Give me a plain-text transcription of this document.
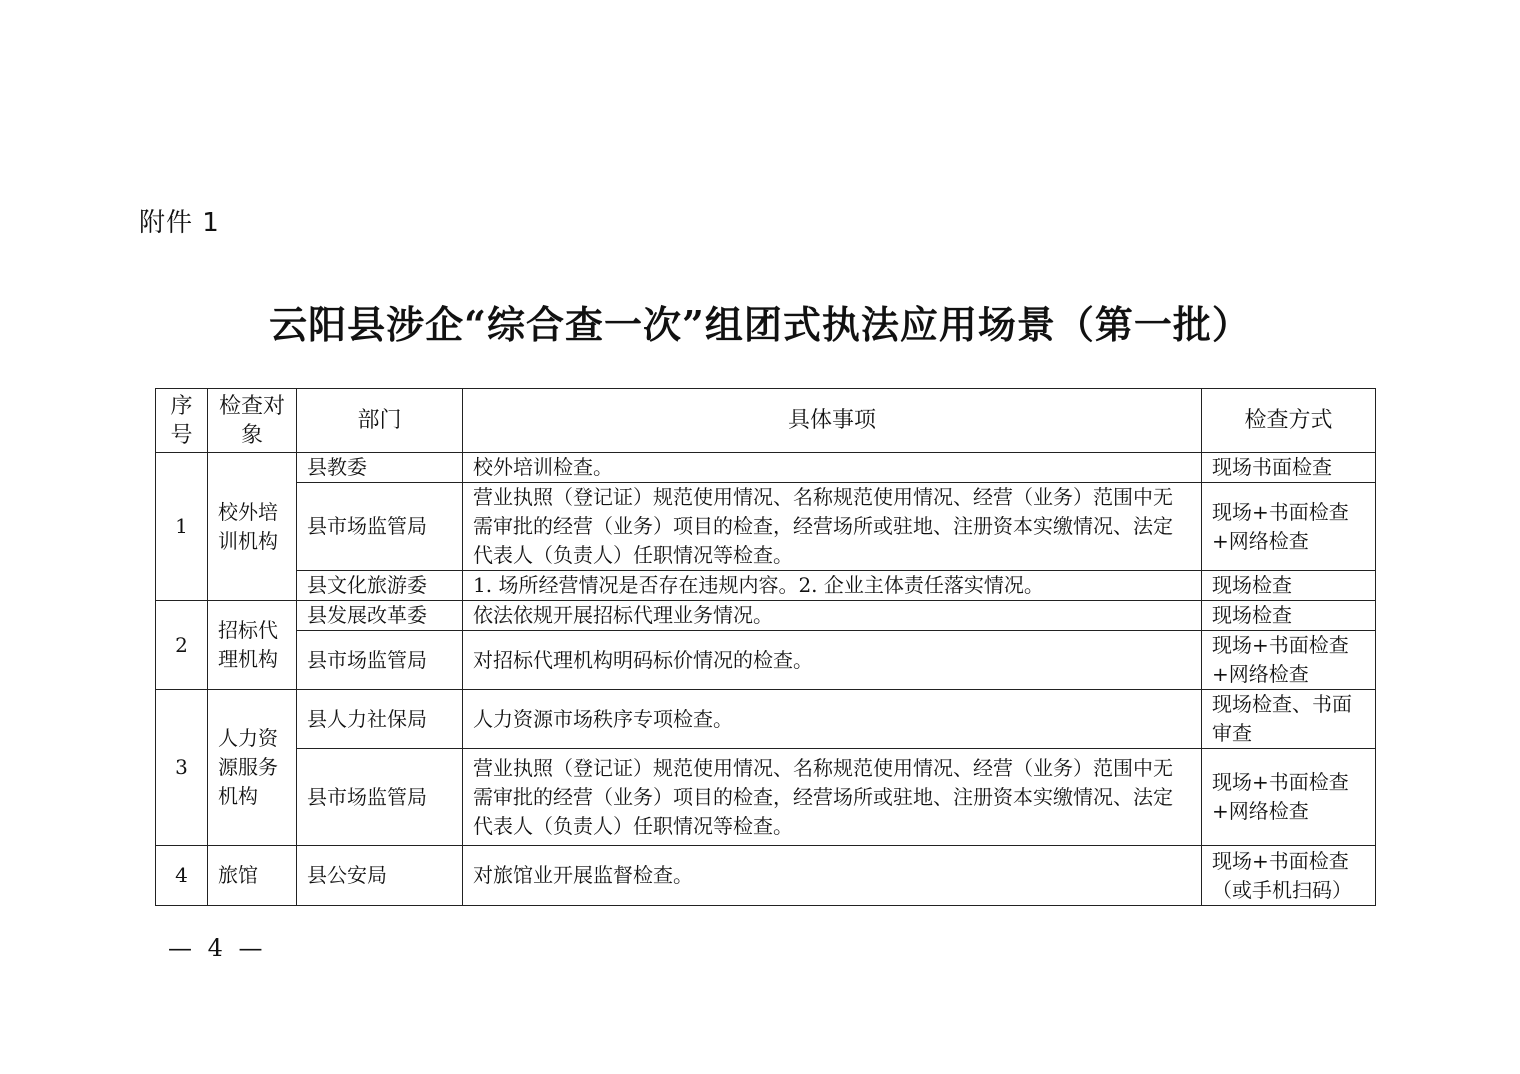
附件 1
云阳县涉企“综合查一次”组团式执法应用场景（第一批）
序号	检查对象	部门	具体事项	检查方式
1	校外培训机构	县教委	校外培训检查。	现场书面检查
		县市场监管局	营业执照（登记证）规范使用情况、名称规范使用情况、经营（业务）范围中无需审批的经营（业务）项目的检查，经营场所或驻地、注册资本实缴情况、法定代表人（负责人）任职情况等检查。	现场+书面检查+网络检查
		县文化旅游委	1. 场所经营情况是否存在违规内容。2. 企业主体责任落实情况。	现场检查
2	招标代理机构	县发展改革委	依法依规开展招标代理业务情况。	现场检查
		县市场监管局	对招标代理机构明码标价情况的检查。	现场+书面检查+网络检查
3	人力资源服务机构	县人力社保局	人力资源市场秩序专项检查。	现场检查、书面审查
		县市场监管局	营业执照（登记证）规范使用情况、名称规范使用情况、经营（业务）范围中无需审批的经营（业务）项目的检查，经营场所或驻地、注册资本实缴情况、法定代表人（负责人）任职情况等检查。	现场+书面检查+网络检查
4	旅馆	县公安局	对旅馆业开展监督检查。	现场+书面检查（或手机扫码）
— 4 —
